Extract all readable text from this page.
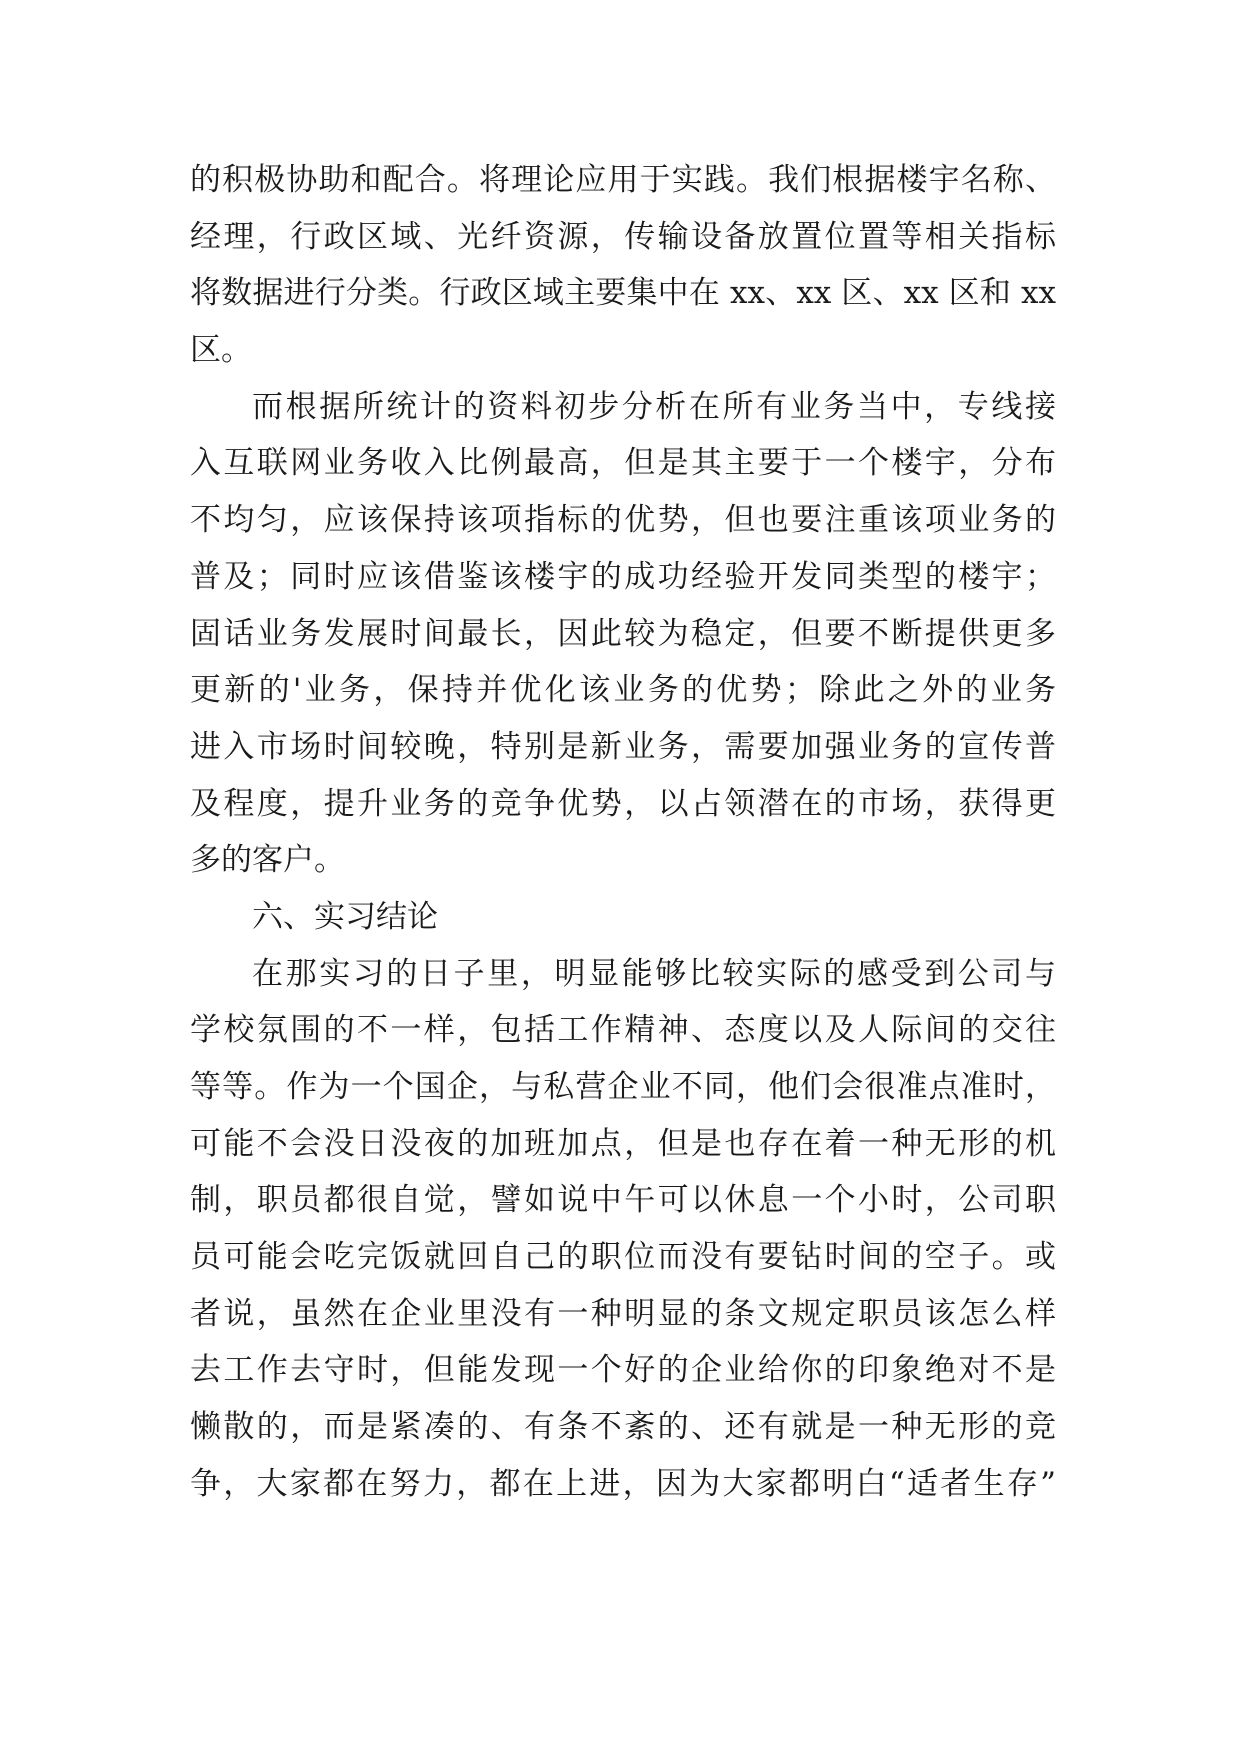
的积极协助和配合。将理论应用于实践。我们根据楼宇名称、
经理，行政区域、光纤资源，传输设备放置位置等相关指标
将数据进行分类。行政区域主要集中在 xx、xx 区、xx 区和 xx
区。
而根据所统计的资料初步分析在所有业务当中，专线接
入互联网业务收入比例最高，但是其主要于一个楼宇，分布
不均匀，应该保持该项指标的优势，但也要注重该项业务的
普及；同时应该借鉴该楼宇的成功经验开发同类型的楼宇；
固话业务发展时间最长，因此较为稳定，但要不断提供更多
更新的'业务，保持并优化该业务的优势；除此之外的业务
进入市场时间较晚，特别是新业务，需要加强业务的宣传普
及程度，提升业务的竞争优势，以占领潜在的市场，获得更
多的客户。
六、实习结论
在那实习的日子里，明显能够比较实际的感受到公司与
学校氛围的不一样，包括工作精神、态度以及人际间的交往
等等。作为一个国企，与私营企业不同，他们会很准点准时，
可能不会没日没夜的加班加点，但是也存在着一种无形的机
制，职员都很自觉，譬如说中午可以休息一个小时，公司职
员可能会吃完饭就回自己的职位而没有要钻时间的空子。或
者说，虽然在企业里没有一种明显的条文规定职员该怎么样
去工作去守时，但能发现一个好的企业给你的印象绝对不是
懒散的，而是紧凑的、有条不紊的、还有就是一种无形的竞
争，大家都在努力，都在上进，因为大家都明白“适者生存”
